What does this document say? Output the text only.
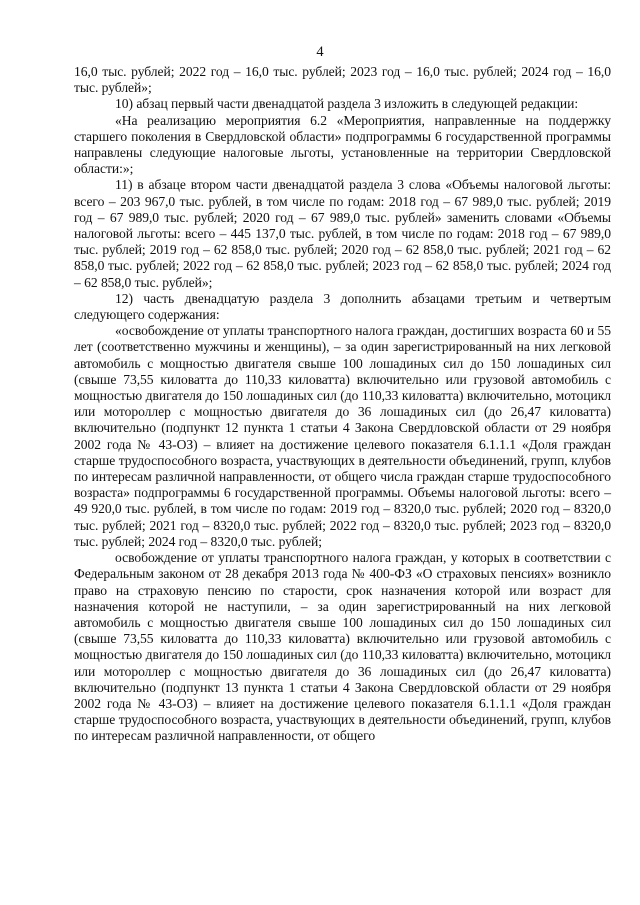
4

16,0 тыс. рублей; 2022 год – 16,0 тыс. рублей; 2023 год – 16,0 тыс. рублей; 2024 год – 16,0 тыс. рублей»;

10) абзац первый части двенадцатой раздела 3 изложить в следующей редакции:

«На реализацию мероприятия 6.2 «Мероприятия, направленные на поддержку старшего поколения в Свердловской области» подпрограммы 6 государственной программы направлены следующие налоговые льготы, установленные на территории Свердловской области:»;

11) в абзаце втором части двенадцатой раздела 3 слова «Объемы налоговой льготы: всего – 203 967,0 тыс. рублей, в том числе по годам: 2018 год – 67 989,0 тыс. рублей; 2019 год – 67 989,0 тыс. рублей; 2020 год – 67 989,0 тыс. рублей» заменить словами «Объемы налоговой льготы: всего – 445 137,0 тыс. рублей, в том числе по годам: 2018 год – 67 989,0 тыс. рублей; 2019 год – 62 858,0 тыс. рублей; 2020 год – 62 858,0 тыс. рублей; 2021 год – 62 858,0 тыс. рублей; 2022 год – 62 858,0 тыс. рублей; 2023 год – 62 858,0 тыс. рублей; 2024 год – 62 858,0 тыс. рублей»;

12) часть двенадцатую раздела 3 дополнить абзацами третьим и четвертым следующего содержания:

«освобождение от уплаты транспортного налога граждан, достигших возраста 60 и 55 лет (соответственно мужчины и женщины), – за один зарегистрированный на них легковой автомобиль с мощностью двигателя свыше 100 лошадиных сил до 150 лошадиных сил (свыше 73,55 киловатта до 110,33 киловатта) включительно или грузовой автомобиль с мощностью двигателя до 150 лошадиных сил (до 110,33 киловатта) включительно, мотоцикл или мотороллер с мощностью двигателя до 36 лошадиных сил (до 26,47 киловатта) включительно (подпункт 12 пункта 1 статьи 4 Закона Свердловской области от 29 ноября 2002 года № 43-ОЗ) – влияет на достижение целевого показателя 6.1.1.1 «Доля граждан старше трудоспособного возраста, участвующих в деятельности объединений, групп, клубов по интересам различной направленности, от общего числа граждан старше трудоспособного возраста» подпрограммы 6 государственной программы. Объемы налоговой льготы: всего – 49 920,0 тыс. рублей, в том числе по годам: 2019 год – 8320,0 тыс. рублей; 2020 год – 8320,0 тыс. рублей; 2021 год – 8320,0 тыс. рублей; 2022 год – 8320,0 тыс. рублей; 2023 год – 8320,0 тыс. рублей; 2024 год – 8320,0 тыс. рублей;

освобождение от уплаты транспортного налога граждан, у которых в соответствии с Федеральным законом от 28 декабря 2013 года № 400-ФЗ «О страховых пенсиях» возникло право на страховую пенсию по старости, срок назначения которой или возраст для назначения которой не наступили, – за один зарегистрированный на них легковой автомобиль с мощностью двигателя свыше 100 лошадиных сил до 150 лошадиных сил (свыше 73,55 киловатта до 110,33 киловатта) включительно или грузовой автомобиль с мощностью двигателя до 150 лошадиных сил (до 110,33 киловатта) включительно, мотоцикл или мотороллер с мощностью двигателя до 36 лошадиных сил (до 26,47 киловатта) включительно (подпункт 13 пункта 1 статьи 4 Закона Свердловской области от 29 ноября 2002 года № 43-ОЗ) – влияет на достижение целевого показателя 6.1.1.1 «Доля граждан старше трудоспособного возраста, участвующих в деятельности объединений, групп, клубов по интересам различной направленности, от общего
